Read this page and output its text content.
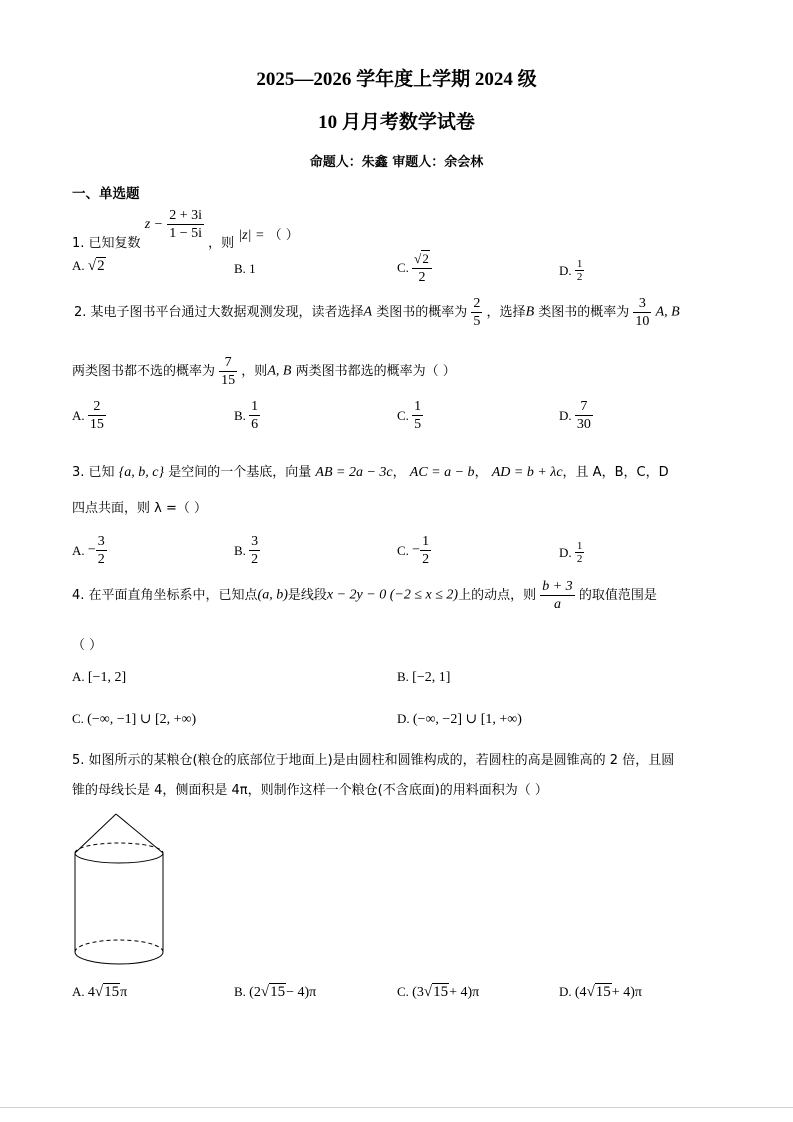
2025—2026 学年度上学期 2024 级
10 月月考数学试卷
命题人：朱鑫 审题人：余会林
一、单选题
1. 已知复数 $z - \frac{2 + 3i}{1 - 5i}$
，则 |z| = （ ）
A. √2	B. 1	C. $\frac{√2}{2}$	D. $\frac{1}{2}$
2. 某电子图书平台通过大数据观测发现，读者选择A 类图书的概率为 $\frac{2}{5}$ ，选择B 类图书的概率为 $\frac{3}{10} A$, B
两类图书都不选的概率为 $\frac{7}{15}$ ，则A, B 两类图书都选的概率为（ ）
A. $\frac{2}{15}$	B. $\frac{1}{6}$	C. $\frac{1}{5}$	D. $\frac{7}{30}$
3. 已知 {a, b, c} 是空间的一个基底，向量 AB = 2a − 3c， AC = a − b， AD = b + λc，且 A，B，C，D
四点共面，则 λ =（ ）
A. − $\frac{3}{2}$	B. $\frac{3}{2}$	C. − $\frac{1}{2}$	D. $\frac{1}{2}$
4. 在平面直角坐标系中，已知点(a, b)是线段x − 2y − 0 (−2 ≤ x ≤ 2)上的动点，则 $\frac{b + 3}{a}$ 的取值范围是
（ ）
A. [−1, 2]	B. [−2, 1]
C. (−∞, −1] ∪ [2, +∞)	D. (−∞, −2] ∪ [1, +∞)
5. 如图所示的某粮仓(粮仓的底部位于地面上)是由圆柱和圆锥构成的，若圆柱的高是圆锥高的 2 倍，且圆
锥的母线长是 4，侧面积是 4π，则制作这样一个粮仓(不含底面)的用料面积为（ ）
A. 4√15π	B. (2√15− 4)π	C. (3√15+ 4)π	D. (4√15+ 4)π
